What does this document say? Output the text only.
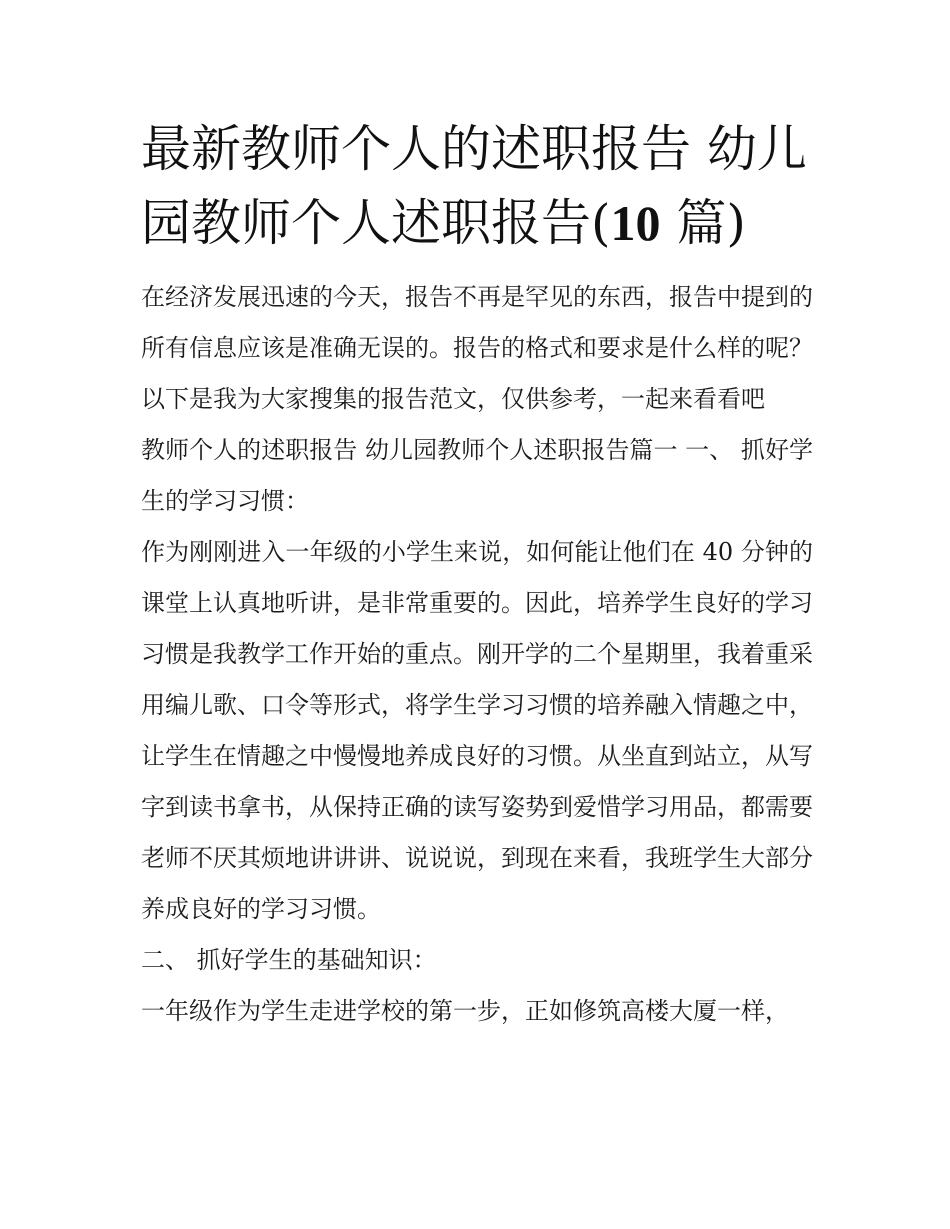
最新教师个人的述职报告 幼儿园教师个人述职报告(10 篇)

在经济发展迅速的今天，报告不再是罕见的东西，报告中提到的所有信息应该是准确无误的。报告的格式和要求是什么样的呢？以下是我为大家搜集的报告范文，仅供参考，一起来看看吧

教师个人的述职报告 幼儿园教师个人述职报告篇一 一、 抓好学生的学习习惯：

作为刚刚进入一年级的小学生来说，如何能让他们在 40 分钟的课堂上认真地听讲，是非常重要的。因此，培养学生良好的学习习惯是我教学工作开始的重点。刚开学的二个星期里，我着重采用编儿歌、口令等形式，将学生学习习惯的培养融入情趣之中，让学生在情趣之中慢慢地养成良好的习惯。从坐直到站立，从写字到读书拿书，从保持正确的读写姿势到爱惜学习用品，都需要老师不厌其烦地讲讲讲、说说说，到现在来看，我班学生大部分养成良好的学习习惯。

二、 抓好学生的基础知识：

一年级作为学生走进学校的第一步，正如修筑高楼大厦一样，
